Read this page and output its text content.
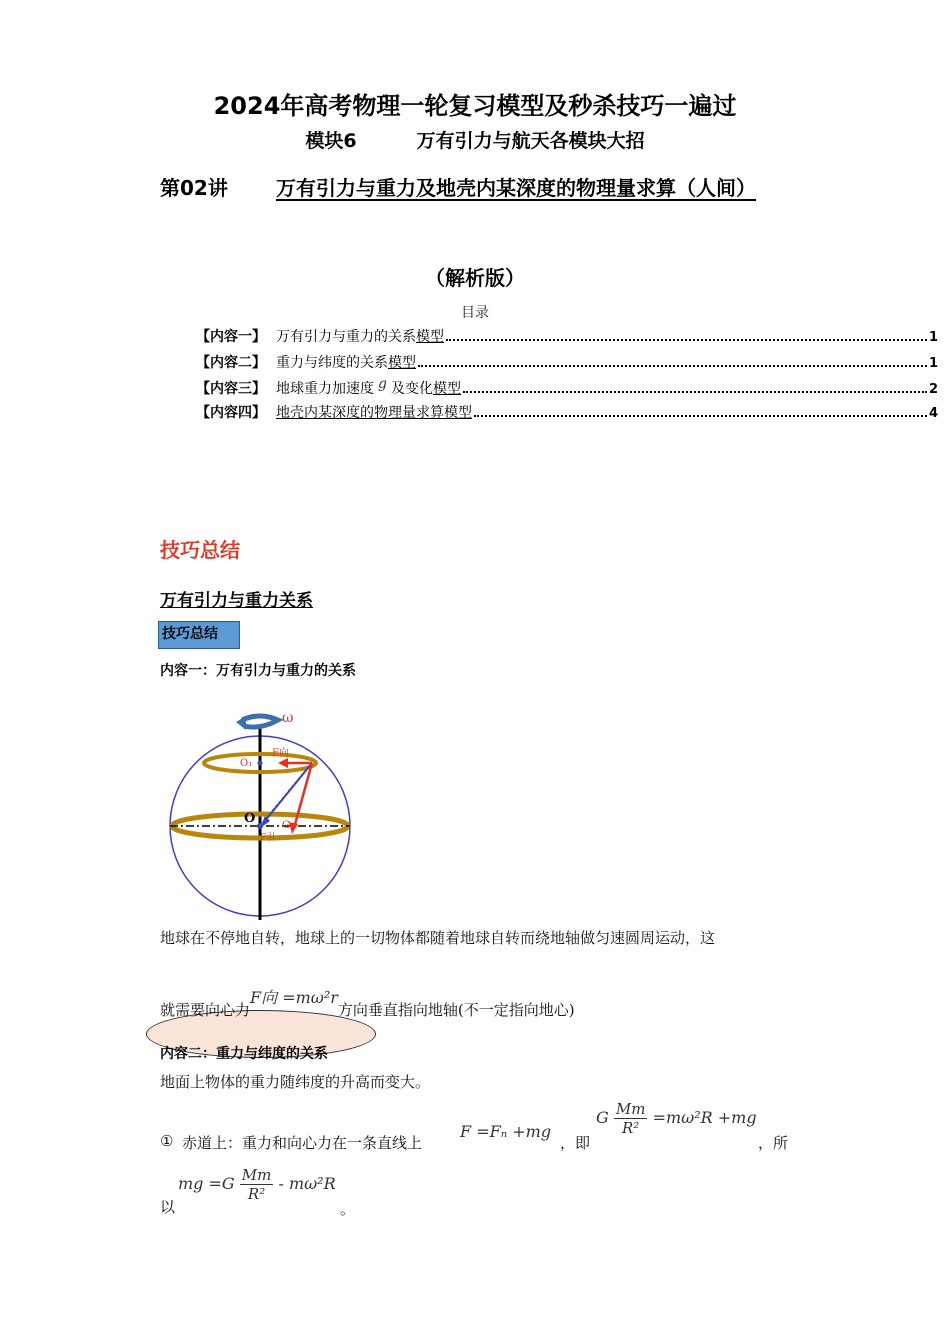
2024年高考物理一轮复习模型及秒杀技巧一遍过
模块6	万有引力与航天各模块大招
第02讲 万有引力与重力及地壳内某深度的物理量求算（人间）
（解析版）
目录
【内容一】 万有引力与重力的关系 模型	1
【内容二】 重力与纬度的关系 模型	1
【内容三】 地球重力加速度 g 及变化 模型	2
【内容四】 地壳内某深度的物理量求算模型	4
技巧总结
万有引力与重力关系
技巧总结
内容一：万有引力与重力的关系
ω
O
O₁
F向
G
F引
地球在不停地自转，地球上的一切物体都随着地球自转而绕地轴做匀速圆周运动，这
就需要向心力F向 =mω²r方向垂直指向地轴(不一定指向地心)
内容二：重力与纬度的关系
地面上物体的重力随纬度的升高而变大。
① 赤道上：重力和向心力在一条直线上
F =Fₙ +mg
，即
G $\frac{Mm}{\text{R²}} =m\omega^2R +mg$
，所
以
mg $=G \frac{Mm}{\text{R²}} - m\omega^2R$
。
